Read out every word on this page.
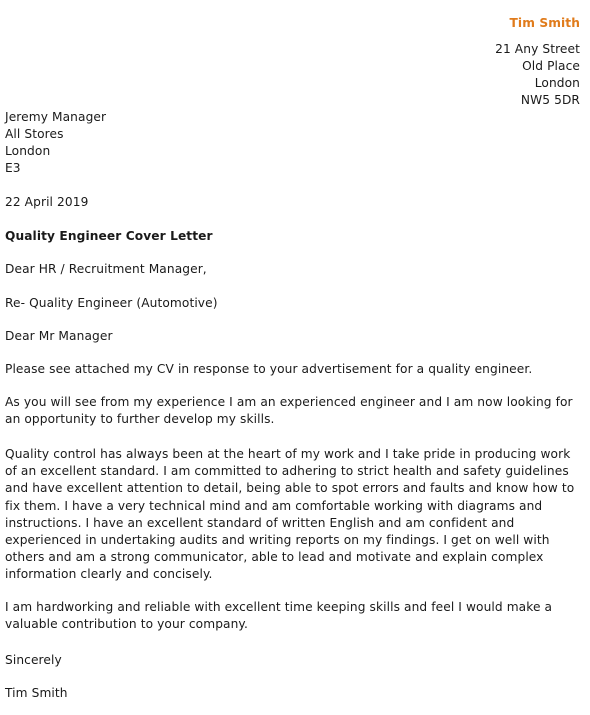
Tim Smith
21 Any Street
Old Place
London
NW5 5DR
Jeremy Manager
All Stores
London
E3
22 April 2019
Quality Engineer Cover Letter
Dear HR / Recruitment Manager,
Re- Quality Engineer (Automotive)
Dear Mr Manager
Please see attached my CV in response to your advertisement for a quality engineer.
As you will see from my experience I am an experienced engineer and I am now looking for an opportunity to further develop my skills.
Quality control has always been at the heart of my work and I take pride in producing work of an excellent standard. I am committed to adhering to strict health and safety guidelines and have excellent attention to detail, being able to spot errors and faults and know how to fix them. I have a very technical mind and am comfortable working with diagrams and instructions. I have an excellent standard of written English and am confident and experienced in undertaking audits and writing reports on my findings. I get on well with others and am a strong communicator, able to lead and motivate and explain complex information clearly and concisely.
I am hardworking and reliable with excellent time keeping skills and feel I would make a valuable contribution to your company.
Sincerely
Tim Smith
